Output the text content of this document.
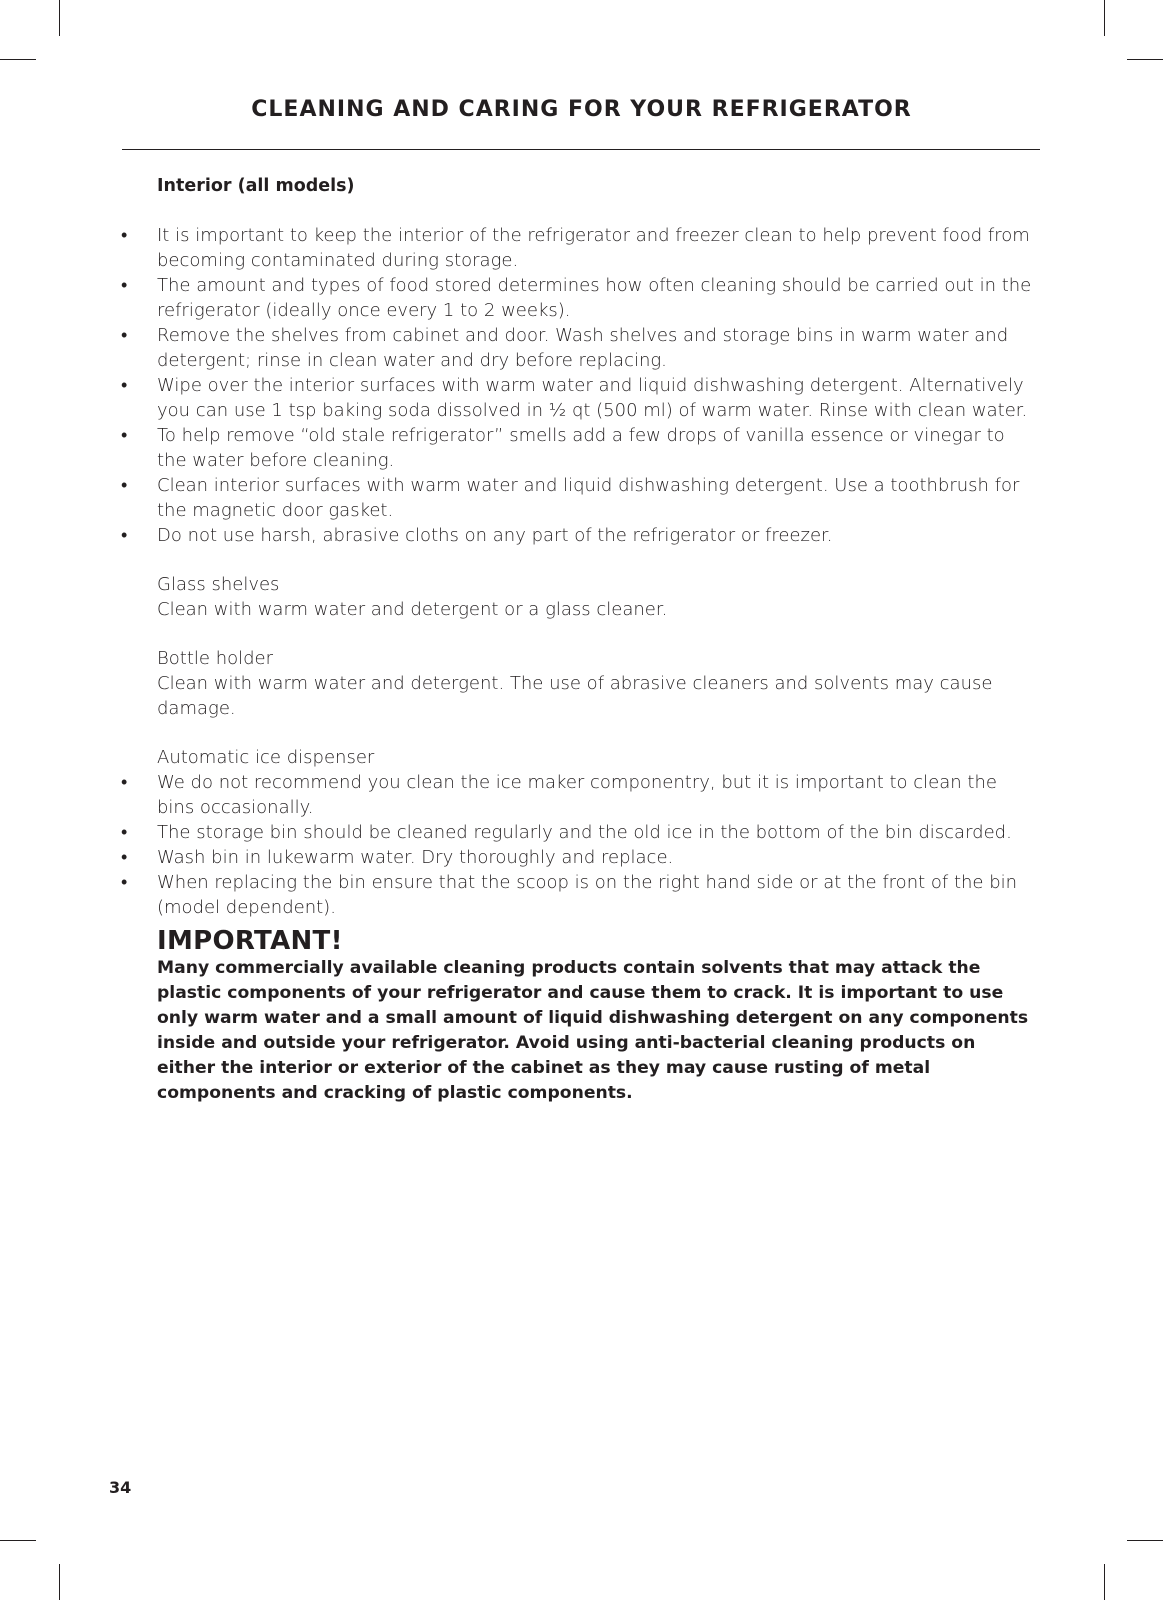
CLEANING AND CARING FOR YOUR REFRIGERATOR

Interior (all models)

• It is important to keep the interior of the refrigerator and freezer clean to help prevent food from becoming contaminated during storage.
• The amount and types of food stored determines how often cleaning should be carried out in the refrigerator (ideally once every 1 to 2 weeks).
• Remove the shelves from cabinet and door. Wash shelves and storage bins in warm water and detergent; rinse in clean water and dry before replacing.
• Wipe over the interior surfaces with warm water and liquid dishwashing detergent. Alternatively you can use 1 tsp baking soda dissolved in ½ qt (500 ml) of warm water. Rinse with clean water.
• To help remove “old stale refrigerator” smells add a few drops of vanilla essence or vinegar to the water before cleaning.
• Clean interior surfaces with warm water and liquid dishwashing detergent. Use a toothbrush for the magnetic door gasket.
• Do not use harsh, abrasive cloths on any part of the refrigerator or freezer.

Glass shelves

Clean with warm water and detergent or a glass cleaner.

Bottle holder

Clean with warm water and detergent. The use of abrasive cleaners and solvents may cause damage.

Automatic ice dispenser

• We do not recommend you clean the ice maker componentry, but it is important to clean the bins occasionally.
• The storage bin should be cleaned regularly and the old ice in the bottom of the bin discarded.
• Wash bin in lukewarm water. Dry thoroughly and replace.
• When replacing the bin ensure that the scoop is on the right hand side or at the front of the bin (model dependent).
IMPORTANT!

Many commercially available cleaning products contain solvents that may attack the plastic components of your refrigerator and cause them to crack. It is important to use only warm water and a small amount of liquid dishwashing detergent on any components inside and outside your refrigerator. Avoid using anti-bacterial cleaning products on either the interior or exterior of the cabinet as they may cause rusting of metal components and cracking of plastic components.

34
